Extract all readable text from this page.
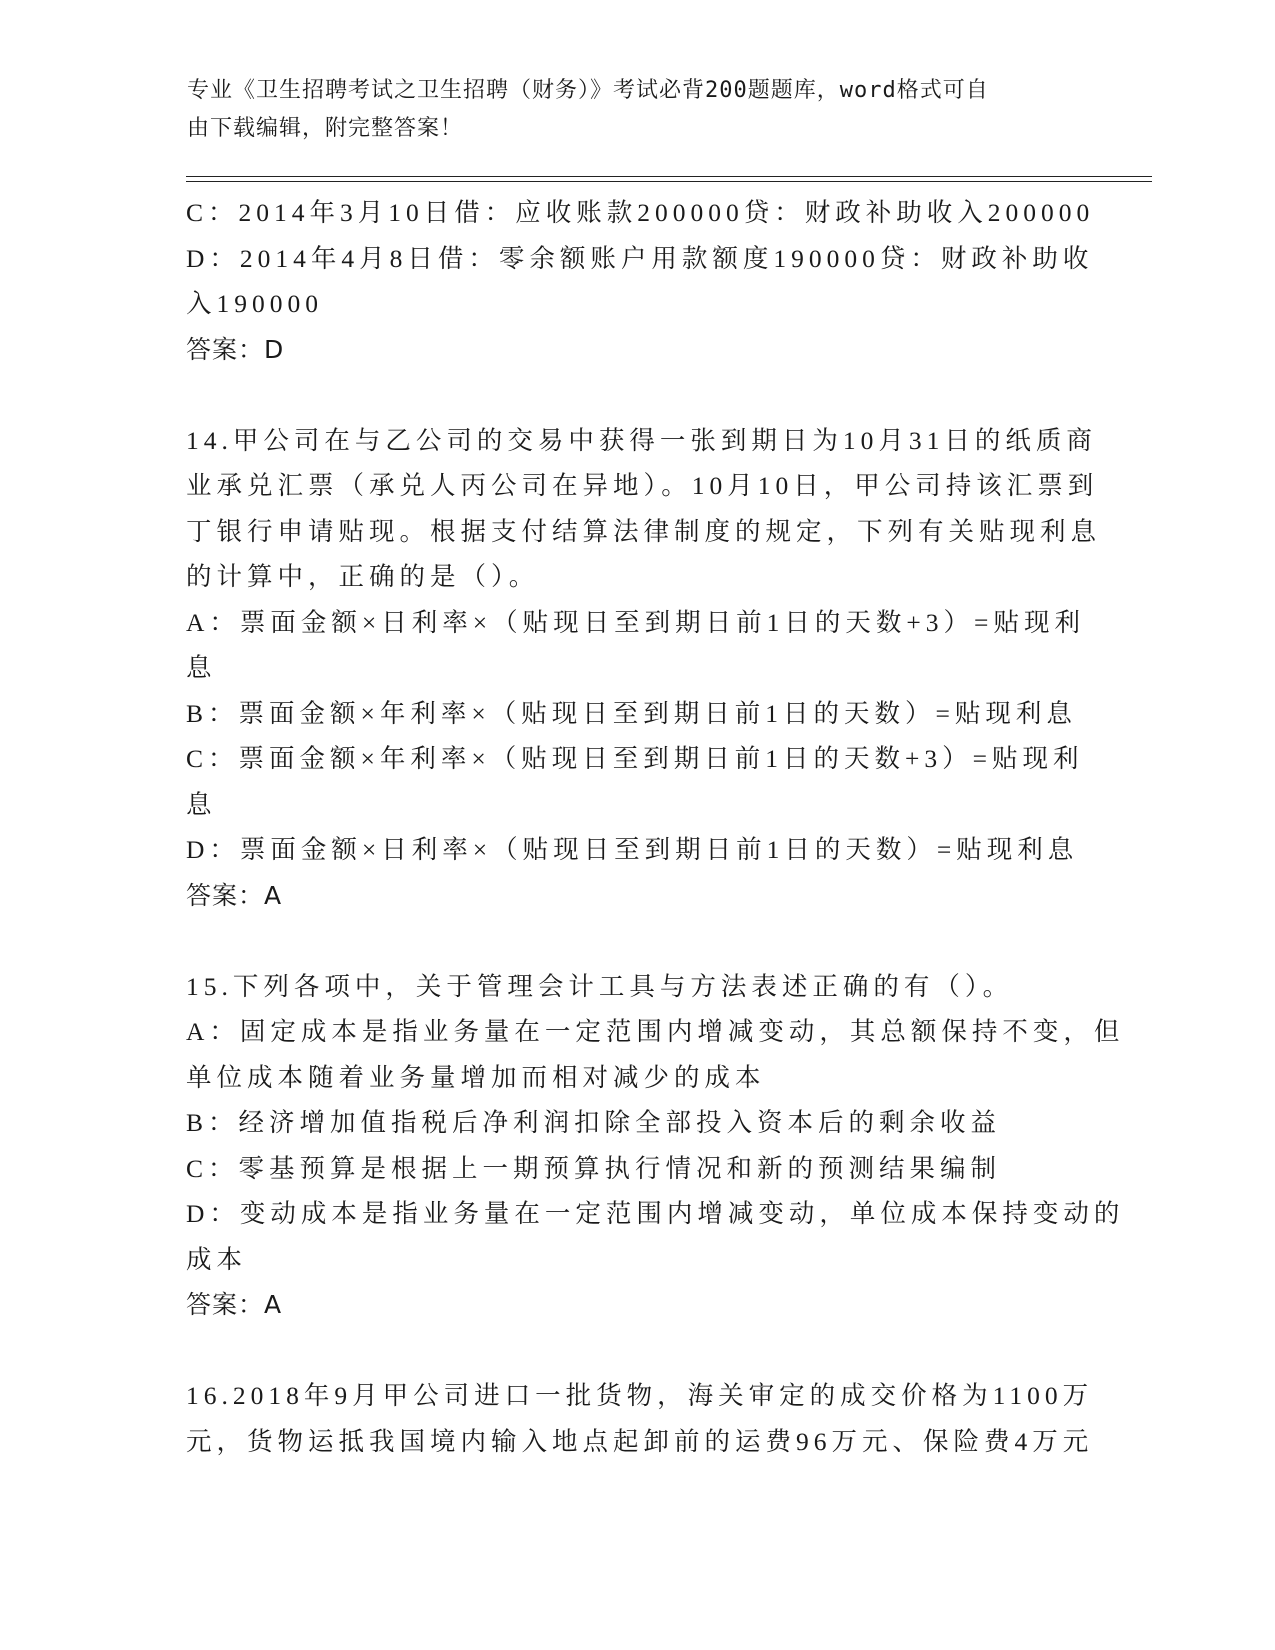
专业《卫生招聘考试之卫生招聘（财务）》考试必背200题题库，word格式可自
由下载编辑，附完整答案！
C：2014年3月10日借：应收账款200000贷：财政补助收入200000
D：2014年4月8日借：零余额账户用款额度190000贷：财政补助收
入190000
答案：D
14.甲公司在与乙公司的交易中获得一张到期日为10月31日的纸质商
业承兑汇票（承兑人丙公司在异地）。10月10日，甲公司持该汇票到
丁银行申请贴现。根据支付结算法律制度的规定，下列有关贴现利息
的计算中，正确的是（）。
A：票面金额×日利率×（贴现日至到期日前1日的天数+3）=贴现利
息
B：票面金额×年利率×（贴现日至到期日前1日的天数）=贴现利息
C：票面金额×年利率×（贴现日至到期日前1日的天数+3）=贴现利
息
D：票面金额×日利率×（贴现日至到期日前1日的天数）=贴现利息
答案：A
15.下列各项中，关于管理会计工具与方法表述正确的有（）。
A：固定成本是指业务量在一定范围内增减变动，其总额保持不变，但
单位成本随着业务量增加而相对减少的成本
B：经济增加值指税后净利润扣除全部投入资本后的剩余收益
C：零基预算是根据上一期预算执行情况和新的预测结果编制
D：变动成本是指业务量在一定范围内增减变动，单位成本保持变动的
成本
答案：A
16.2018年9月甲公司进口一批货物，海关审定的成交价格为1100万
元，货物运抵我国境内输入地点起卸前的运费96万元、保险费4万元
